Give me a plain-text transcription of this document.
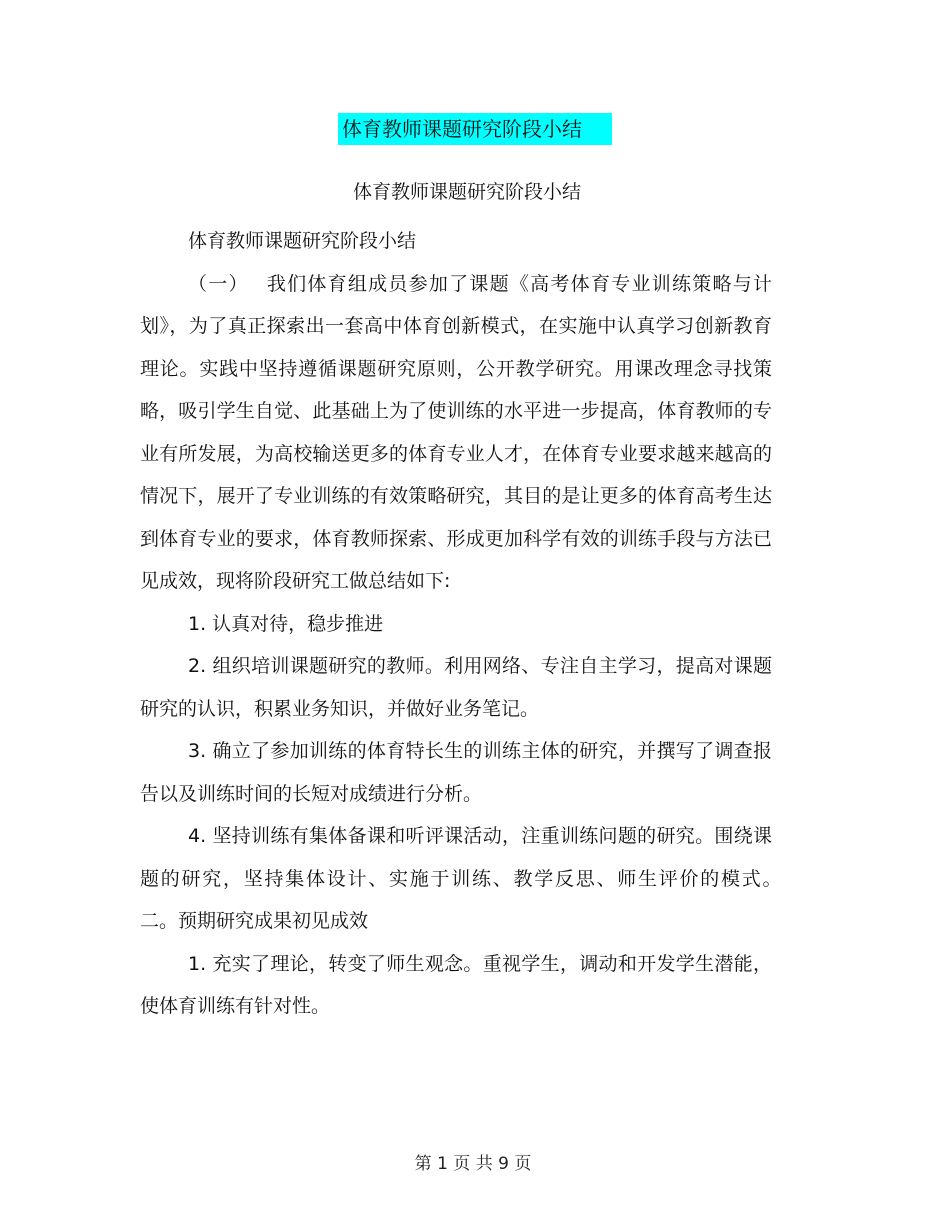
体育教师课题研究阶段小结
体育教师课题研究阶段小结

体育教师课题研究阶段小结

（一）　 我们体育组成员参加了课题《高考体育专业训练策略与计划》，为了真正探索出一套高中体育创新模式，在实施中认真学习创新教育理论。实践中坚持遵循课题研究原则，公开教学研究。用课改理念寻找策略，吸引学生自觉、此基础上为了使训练的水平进一步提高，体育教师的专业有所发展，为高校输送更多的体育专业人才，在体育专业要求越来越高的情况下，展开了专业训练的有效策略研究，其目的是让更多的体育高考生达到体育专业的要求，体育教师探索、形成更加科学有效的训练手段与方法已见成效，现将阶段研究工做总结如下:

1. 认真对待，稳步推进

2. 组织培训课题研究的教师。利用网络、专注自主学习，提高对课题研究的认识，积累业务知识，并做好业务笔记。

3. 确立了参加训练的体育特长生的训练主体的研究，并撰写了调查报告以及训练时间的长短对成绩进行分析。

4. 坚持训练有集体备课和听评课活动，注重训练问题的研究。围绕课题的研究，坚持集体设计、实施于训练、教学反思、师生评价的模式。　 二。预期研究成果初见成效

1. 充实了理论，转变了师生观念。重视学生，调动和开发学生潜能，使体育训练有针对性。

第 1 页 共 9 页
